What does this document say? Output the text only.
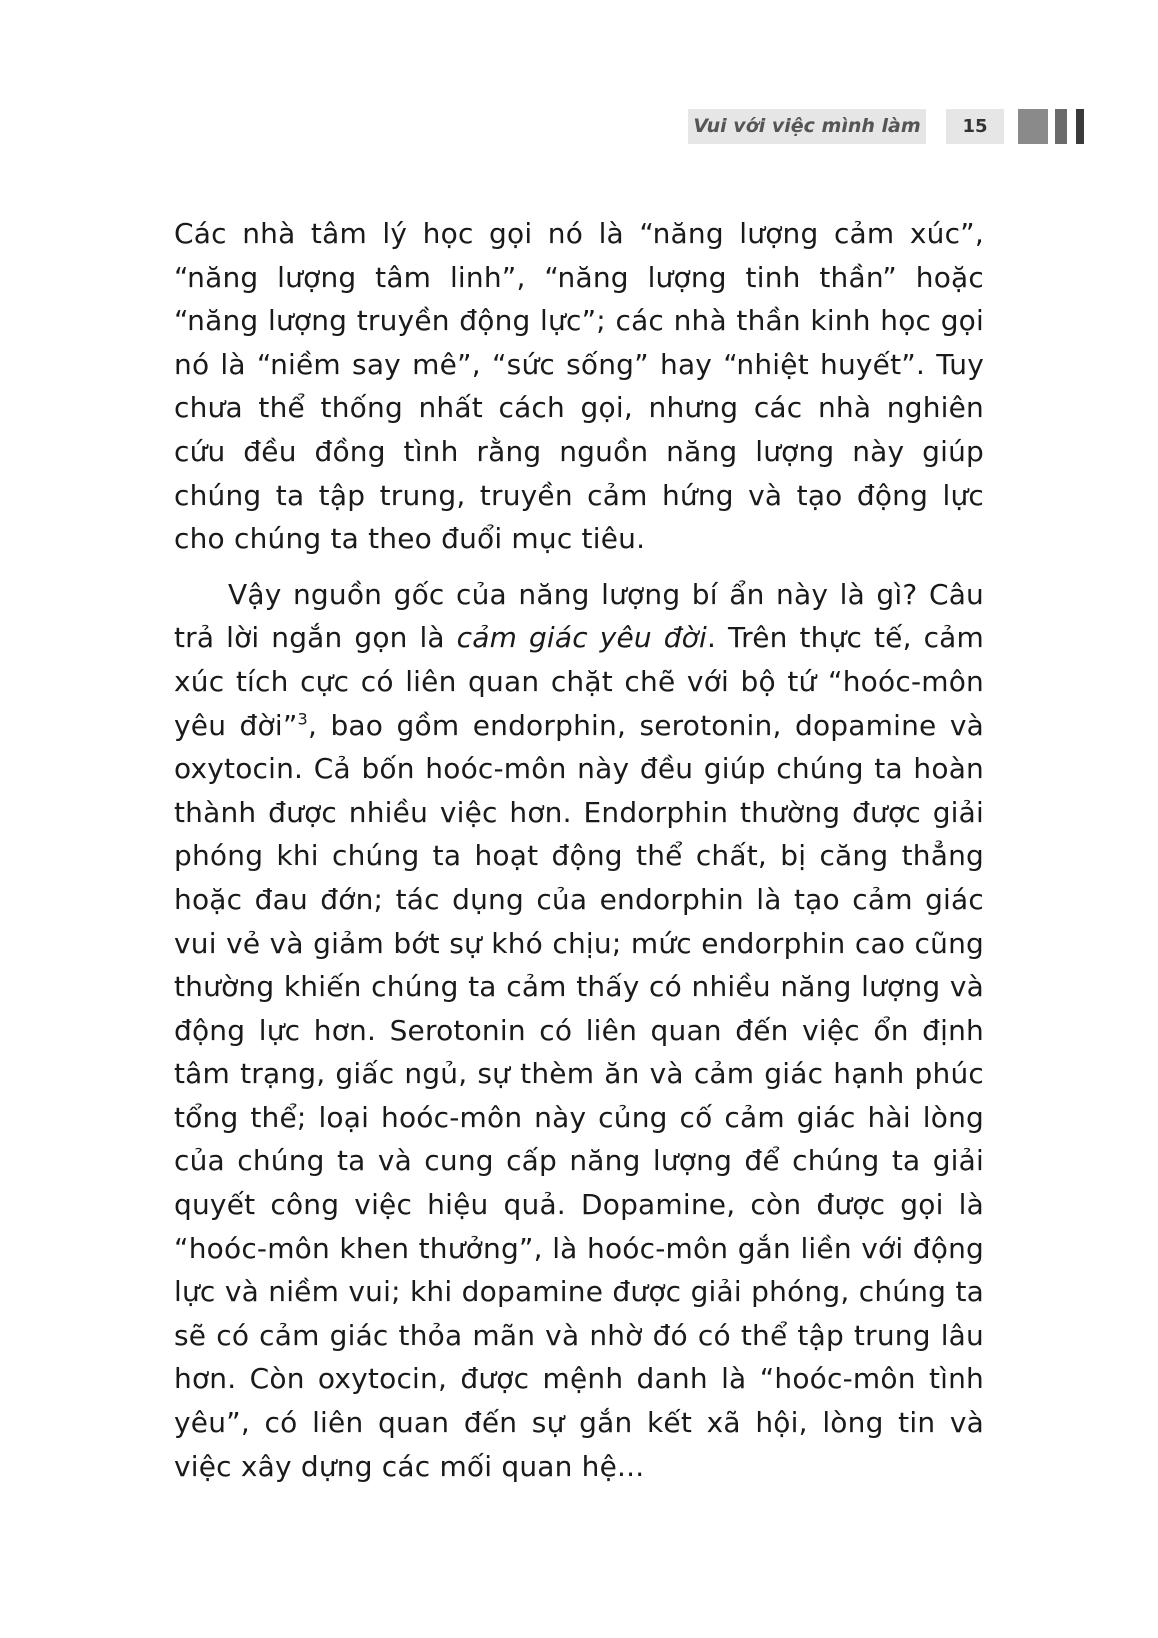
Vui với việc mình làm	15

Các nhà tâm lý học gọi nó là “năng lượng cảm xúc”, “năng lượng tâm linh”, “năng lượng tinh thần” hoặc “năng lượng truyền động lực”; các nhà thần kinh học gọi nó là “niềm say mê”, “sức sống” hay “nhiệt huyết”. Tuy chưa thể thống nhất cách gọi, nhưng các nhà nghiên cứu đều đồng tình rằng nguồn năng lượng này giúp chúng ta tập trung, truyền cảm hứng và tạo động lực cho chúng ta theo đuổi mục tiêu.

Vậy nguồn gốc của năng lượng bí ẩn này là gì? Câu trả lời ngắn gọn là cảm giác yêu đời. Trên thực tế, cảm xúc tích cực có liên quan chặt chẽ với bộ tứ “hoóc-môn yêu đời”$^3$, bao gồm endorphin, serotonin, dopamine và oxytocin. Cả bốn hoóc-môn này đều giúp chúng ta hoàn thành được nhiều việc hơn. Endorphin thường được giải phóng khi chúng ta hoạt động thể chất, bị căng thẳng hoặc đau đớn; tác dụng của endorphin là tạo cảm giác vui vẻ và giảm bớt sự khó chịu; mức endorphin cao cũng thường khiến chúng ta cảm thấy có nhiều năng lượng và động lực hơn. Serotonin có liên quan đến việc ổn định tâm trạng, giấc ngủ, sự thèm ăn và cảm giác hạnh phúc tổng thể; loại hoóc-môn này củng cố cảm giác hài lòng của chúng ta và cung cấp năng lượng để chúng ta giải quyết công việc hiệu quả. Dopamine, còn được gọi là “hoóc-môn khen thưởng”, là hoóc-môn gắn liền với động lực và niềm vui; khi dopamine được giải phóng, chúng ta sẽ có cảm giác thỏa mãn và nhờ đó có thể tập trung lâu hơn. Còn oxytocin, được mệnh danh là “hoóc-môn tình yêu”, có liên quan đến sự gắn kết xã hội, lòng tin và việc xây dựng các mối quan hệ...
